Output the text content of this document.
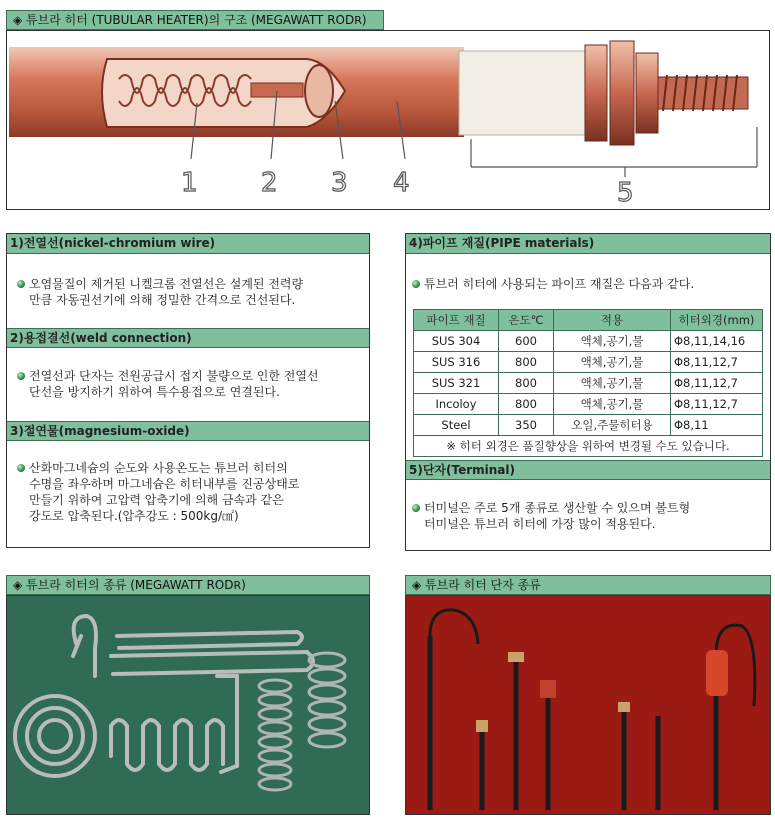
◈ 튜브라 히터 (TUBULAR HEATER)의 구조 (MEGAWATT RODR)
1 2 3 4	5
1)전열선(nickel-chromium wire)
오염물질이 제거된 니켈크롬 전열선은 설계된 전력량
만큼 자동권선기에 의해 정밀한 간격으로 건선된다.
2)용접결선(weld connection)
전열선과 단자는 전원공급시 접지 불량으로 인한 전열선
단선을 방지하기 위하여 특수용접으로 연결된다.
3)절연물(magnesium-oxide)
산화마그네슘의 순도와 사용온도는 튜브러 히터의
수명을 좌우하며 마그네슘은 히터내부를 진공상태로
만들기 위하여 고압력 압축기에 의해 금속과 같은
강도로 압축된다.(압추강도 : 500kg/㎠)
4)파이프 재질(PIPE materials)
튜브러 히터에 사용되는 파이프 재질은 다음과 같다.
파이프 재질	온도℃	적용	히터외경(mm)
SUS 304	600	액체,공기,물	Φ8,11,14,16
SUS 316	800	액체,공기,물	Φ8,11,12,7
SUS 321	800	액체,공기,물	Φ8,11,12,7
Incoloy	800	액체,공기,물	Φ8,11,12,7
Steel	350	오일,주물히터용	Φ8,11
※ 히터 외경은 품질향상을 위하여 변경될 수도 있습니다.			
5)단자(Terminal)
터미널은 주로 5개 종류로 생산할 수 있으며 볼트형
터미널은 튜브러 히터에 가장 많이 적용된다.
◈ 튜브라 히터의 종류 (MEGAWATT RODR)	◈ 튜브라 히터 단자 종류
